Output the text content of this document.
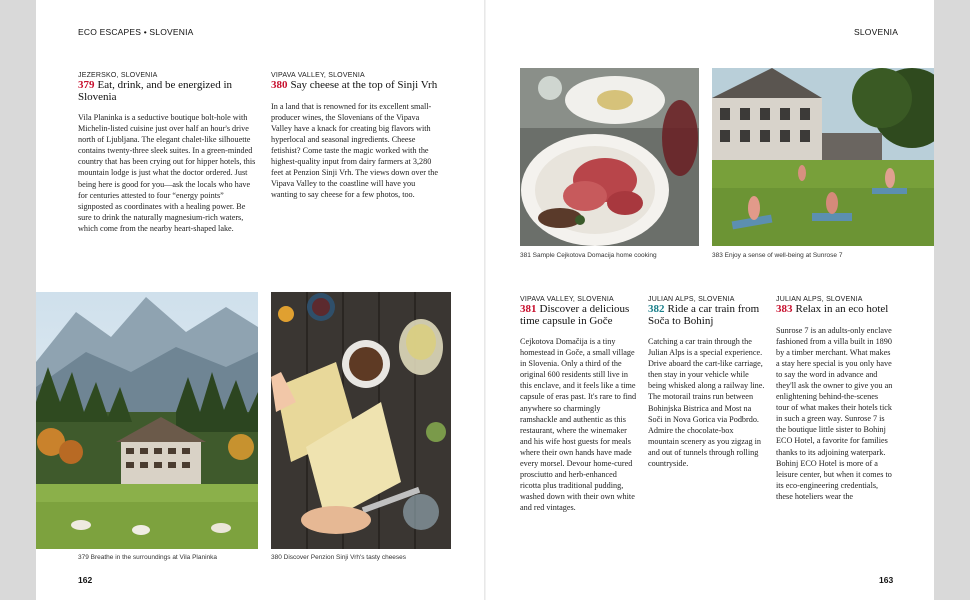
ECO ESCAPES • SLOVENIA	SLOVENIA
JEZERSKO, SLOVENIA
379 Eat, drink, and be energized in Slovenia
Vila Planinka is a seductive boutique bolt-hole with Michelin-listed cuisine just over half an hour's drive north of Ljubljana. The elegant chalet-like silhouette contains twenty-three sleek suites. In a green-minded country that has been crying out for hipper hotels, this mountain lodge is just what the doctor ordered. Just being here is good for you—ask the locals who have for centuries attested to four “energy points” signposted as coordinates with a healing power. Be sure to drink the naturally magnesium-rich waters, which come from the nearby heart-shaped lake.
VIPAVA VALLEY, SLOVENIA
380 Say cheese at the top of Sinji Vrh
In a land that is renowned for its excellent small-producer wines, the Slovenians of the Vipava Valley have a knack for creating big flavors with hyperlocal and seasonal ingredients. Cheese fetishist? Come taste the magic worked with the highest-quality input from dairy farmers at 3,280 feet at Penzion Sinji Vrh. The views down over the Vipava Valley to the coastline will have you wanting to say cheese for a few photos, too.
VIPAVA VALLEY, SLOVENIA
381 Discover a delicious time capsule in Goče
Cejkotova Domačija is a tiny homestead in Goče, a small village in Slovenia. Only a third of the original 600 residents still live in this enclave, and it feels like a time capsule of eras past. It's rare to find anywhere so charmingly ramshackle and authentic as this restaurant, where the winemaker and his wife host guests for meals where their own hands have made every morsel. Devour home-cured prosciutto and herb-enhanced ricotta plus traditional pudding, washed down with their own white and red vintages.
JULIAN ALPS, SLOVENIA
382 Ride a car train from Soča to Bohinj
Catching a car train through the Julian Alps is a special experience. Drive aboard the cart-like carriage, then stay in your vehicle while being whisked along a railway line. The motorail trains run between Bohinjska Bistrica and Most na Soči in Nova Gorica via Podbrdo. Admire the chocolate-box mountain scenery as you zigzag in and out of tunnels through rolling countryside.
JULIAN ALPS, SLOVENIA
383 Relax in an eco hotel
Sunrose 7 is an adults-only enclave fashioned from a villa built in 1890 by a timber merchant. What makes a stay here special is you only have to say the word in advance and they'll ask the owner to give you an enlightening behind-the-scenes tour of what makes their hotels tick in such a green way. Sunrose 7 is the boutique little sister to Bohinj ECO Hotel, a favorite for families thanks to its adjoining waterpark. Bohinj ECO Hotel is more of a leisure center, but when it comes to its eco-engineering credentials, these hoteliers wear the
379 Breathe in the surroundings at Vila Planinka	380 Discover Penzion Sinji Vrh's tasty cheeses
381 Sample Cejkotova Domacija home cooking	383 Enjoy a sense of well-being at Sunrose 7
162	163
